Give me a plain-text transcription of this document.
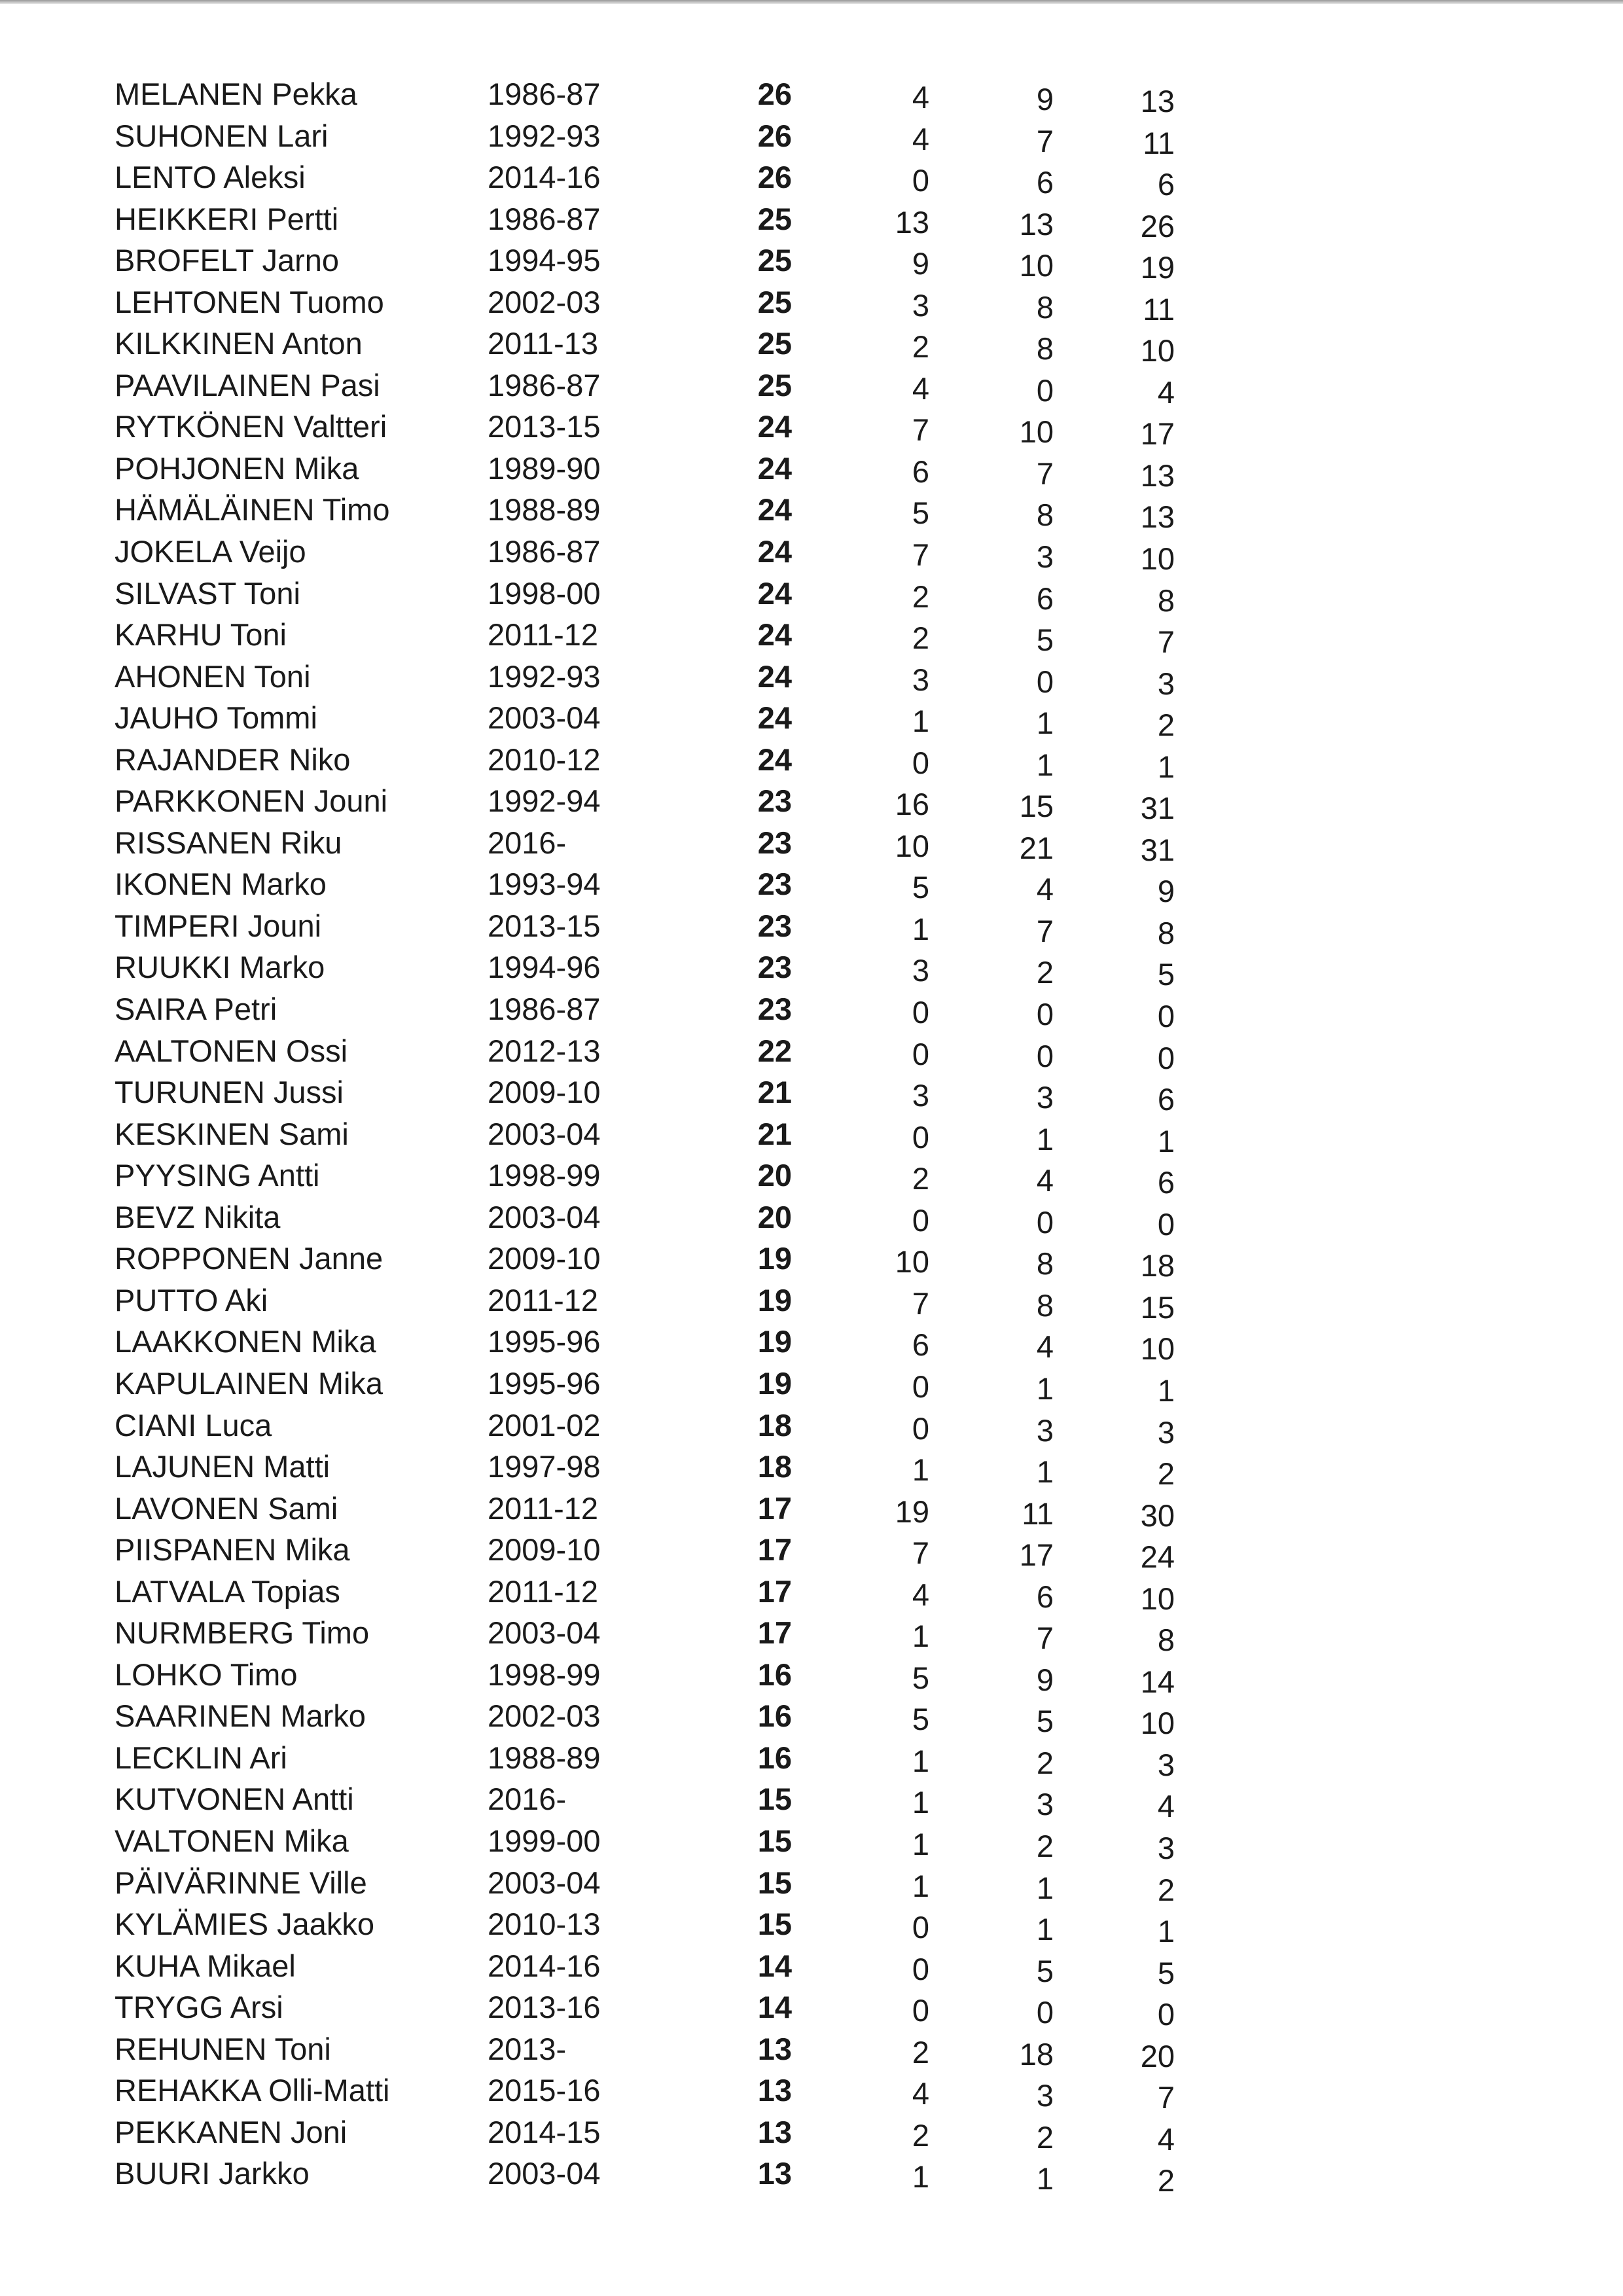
MELANEN Pekka	1986-87	26	4	9	13
SUHONEN Lari	1992-93	26	4	7	11
LENTO Aleksi	2014-16	26	0	6	6
HEIKKERI Pertti	1986-87	25	13	13	26
BROFELT Jarno	1994-95	25	9	10	19
LEHTONEN Tuomo	2002-03	25	3	8	11
KILKKINEN Anton	2011-13	25	2	8	10
PAAVILAINEN Pasi	1986-87	25	4	0	4
RYTKÖNEN Valtteri	2013-15	24	7	10	17
POHJONEN Mika	1989-90	24	6	7	13
HÄMÄLÄINEN Timo	1988-89	24	5	8	13
JOKELA Veijo	1986-87	24	7	3	10
SILVAST Toni	1998-00	24	2	6	8
KARHU Toni	2011-12	24	2	5	7
AHONEN Toni	1992-93	24	3	0	3
JAUHO Tommi	2003-04	24	1	1	2
RAJANDER Niko	2010-12	24	0	1	1
PARKKONEN Jouni	1992-94	23	16	15	31
RISSANEN Riku	2016-	23	10	21	31
IKONEN Marko	1993-94	23	5	4	9
TIMPERI Jouni	2013-15	23	1	7	8
RUUKKI Marko	1994-96	23	3	2	5
SAIRA Petri	1986-87	23	0	0	0
AALTONEN Ossi	2012-13	22	0	0	0
TURUNEN Jussi	2009-10	21	3	3	6
KESKINEN Sami	2003-04	21	0	1	1
PYYSING Antti	1998-99	20	2	4	6
BEVZ Nikita	2003-04	20	0	0	0
ROPPONEN Janne	2009-10	19	10	8	18
PUTTO Aki	2011-12	19	7	8	15
LAAKKONEN Mika	1995-96	19	6	4	10
KAPULAINEN Mika	1995-96	19	0	1	1
CIANI Luca	2001-02	18	0	3	3
LAJUNEN Matti	1997-98	18	1	1	2
LAVONEN Sami	2011-12	17	19	11	30
PIISPANEN Mika	2009-10	17	7	17	24
LATVALA Topias	2011-12	17	4	6	10
NURMBERG Timo	2003-04	17	1	7	8
LOHKO Timo	1998-99	16	5	9	14
SAARINEN Marko	2002-03	16	5	5	10
LECKLIN Ari	1988-89	16	1	2	3
KUTVONEN Antti	2016-	15	1	3	4
VALTONEN Mika	1999-00	15	1	2	3
PÄIVÄRINNE Ville	2003-04	15	1	1	2
KYLÄMIES Jaakko	2010-13	15	0	1	1
KUHA Mikael	2014-16	14	0	5	5
TRYGG Arsi	2013-16	14	0	0	0
REHUNEN Toni	2013-	13	2	18	20
REHAKKA Olli-Matti	2015-16	13	4	3	7
PEKKANEN Joni	2014-15	13	2	2	4
BUURI Jarkko	2003-04	13	1	1	2
